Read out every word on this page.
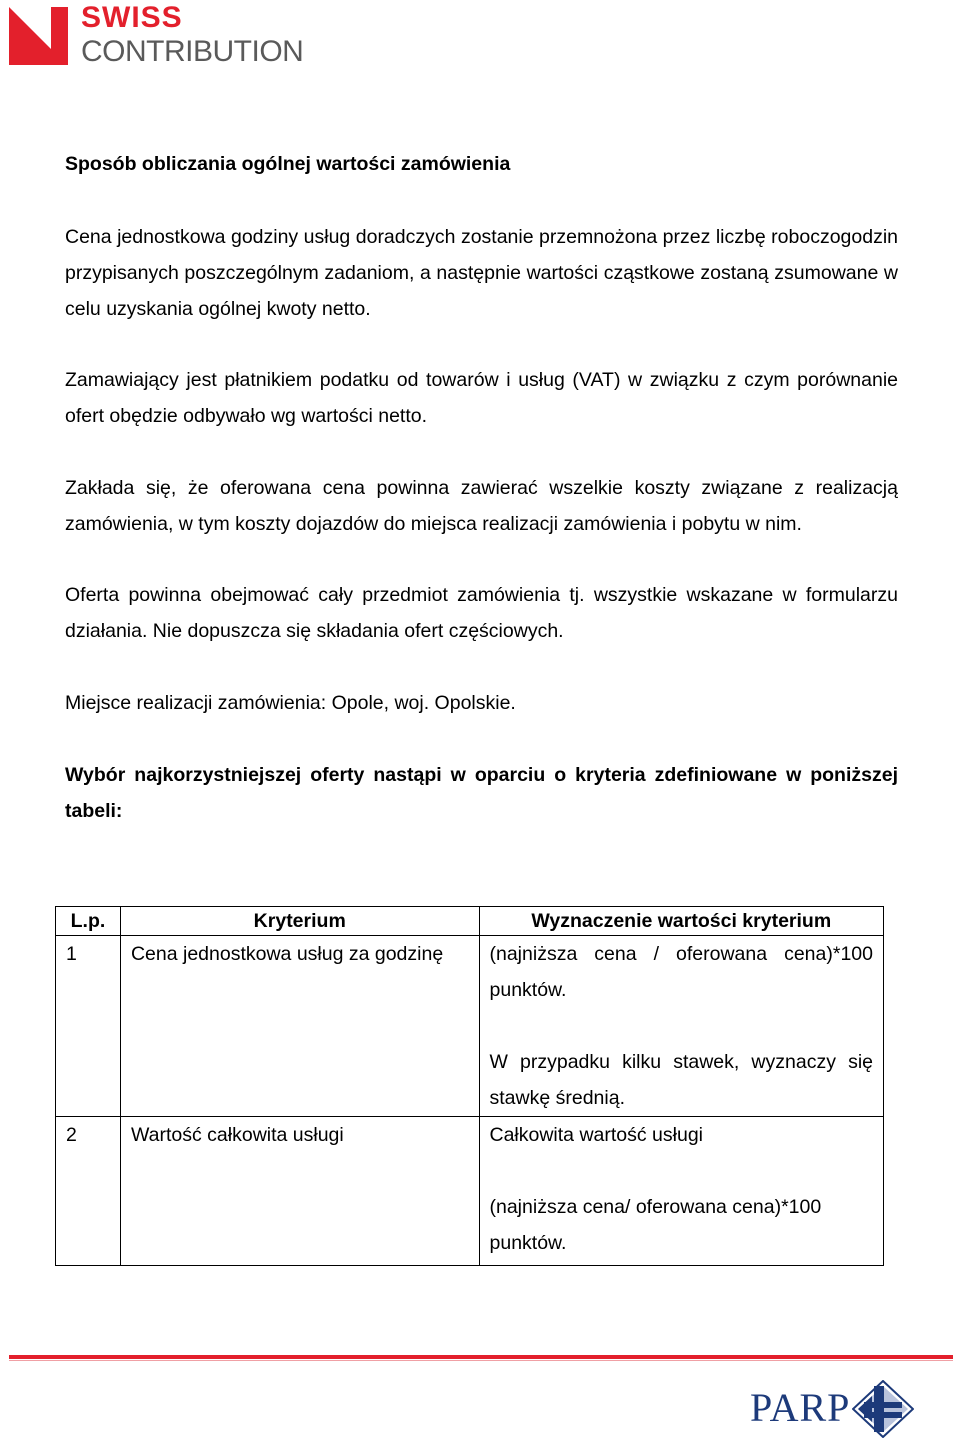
SWISS
CONTRIBUTION

Sposób obliczania ogólnej wartości zamówienia

Cena jednostkowa godziny usług doradczych zostanie przemnożona przez liczbę roboczogodzin przypisanych poszczególnym zadaniom, a następnie wartości cząstkowe zostaną zsumowane w celu uzyskania ogólnej kwoty netto.

Zamawiający jest płatnikiem podatku od towarów i usług (VAT) w związku z czym porównanie ofert obędzie odbywało wg wartości netto.

Zakłada się, że oferowana cena powinna zawierać wszelkie koszty związane z realizacją zamówienia, w tym koszty dojazdów do miejsca realizacji zamówienia i pobytu w nim.

Oferta powinna obejmować cały przedmiot zamówienia tj. wszystkie wskazane w formularzu działania. Nie dopuszcza się składania ofert częściowych.

Miejsce realizacji zamówienia: Opole, woj. Opolskie.

Wybór najkorzystniejszej oferty nastąpi w oparciu o kryteria zdefiniowane w poniższej tabeli:

L.p.	Kryterium	Wyznaczenie wartości kryterium
1	Cena jednostkowa usług za godzinę	(najniższa cena / oferowana cena)*100 punktów.
W przypadku kilku stawek, wyznaczy się stawkę średnią.

2	Wartość całkowita usługi	Całkowita wartość usługi
(najniższa cena/ oferowana cena)*100 punktów.
PARP
